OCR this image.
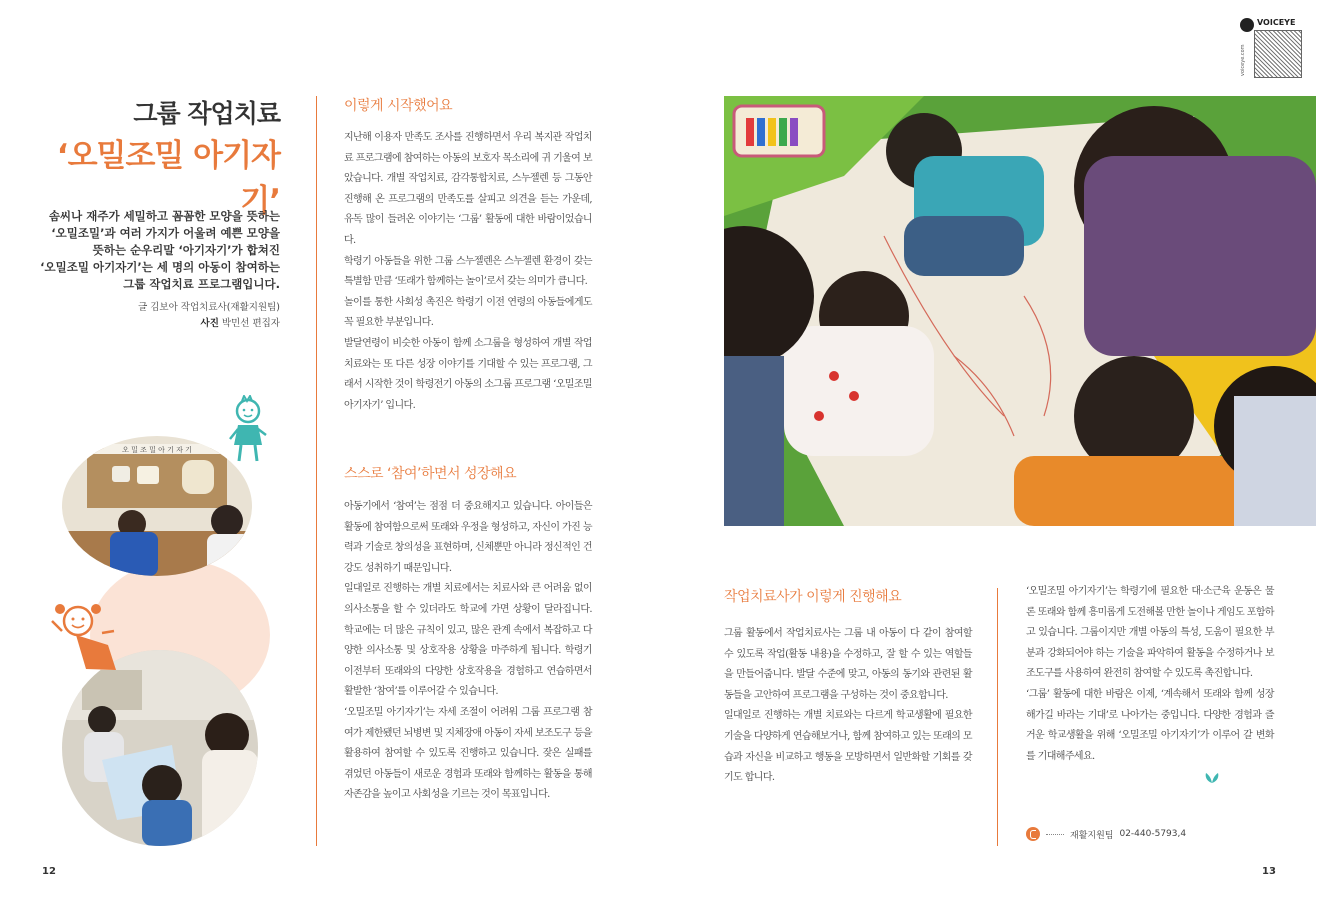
그룹 작업치료
‘오밀조밀 아기자기’
솜씨나 재주가 세밀하고 꼼꼼한 모양을 뜻하는
‘오밀조밀’과 여러 가지가 어울려 예쁜 모양을
뜻하는 순우리말 ‘아기자기’가 합쳐진
‘오밀조밀 아기자기’는 세 명의 아동이 참여하는
그룹 작업치료 프로그램입니다.
글 김보아 작업치료사(재활지원팀)
사진 박민선 편집자
오 밀 조 밀 아 기 자 기
이렇게 시작했어요

지난해 이용자 만족도 조사를 진행하면서 우리 복지관 작업치료 프로그램에 참여하는 아동의 보호자 목소리에 귀 기울여 보았습니다. 개별 작업치료, 감각통합치료, 스누젤렌 등 그동안 진행해 온 프로그램의 만족도를 살피고 의견을 듣는 가운데, 유독 많이 들려온 이야기는 ‘그룹’ 활동에 대한 바람이었습니다.

학령기 아동들을 위한 그룹 스누젤렌은 스누젤렌 환경이 갖는 특별함 만큼 ‘또래가 함께하는 놀이’로서 갖는 의미가 큽니다.

놀이를 통한 사회성 촉진은 학령기 이전 연령의 아동들에게도 꼭 필요한 부분입니다.

발달연령이 비슷한 아동이 함께 소그룹을 형성하여 개별 작업치료와는 또 다른 성장 이야기를 기대할 수 있는 프로그램, 그래서 시작한 것이 학령전기 아동의 소그룹 프로그램 ‘오밀조밀 아기자기’ 입니다.

스스로 ‘참여’하면서 성장해요

아동기에서 ‘참여’는 점점 더 중요해지고 있습니다. 아이들은 활동에 참여함으로써 또래와 우정을 형성하고, 자신이 가진 능력과 기술로 창의성을 표현하며, 신체뿐만 아니라 정신적인 건강도 성취하기 때문입니다.

일대일로 진행하는 개별 치료에서는 치료사와 큰 어려움 없이 의사소통을 할 수 있더라도 학교에 가면 상황이 달라집니다. 학교에는 더 많은 규칙이 있고, 많은 관계 속에서 복잡하고 다양한 의사소통 및 상호작용 상황을 마주하게 됩니다. 학령기 이전부터 또래와의 다양한 상호작용을 경험하고 연습하면서 활발한 ‘참여’를 이루어갈 수 있습니다.

‘오밀조밀 아기자기’는 자세 조절이 어려워 그룹 프로그램 참여가 제한됐던 뇌병변 및 지체장애 아동이 자세 보조도구 등을 활용하여 참여할 수 있도록 진행하고 있습니다. 잦은 실패를 겪었던 아동들이 새로운 경험과 또래와 함께하는 활동을 통해 자존감을 높이고 사회성을 기르는 것이 목표입니다.

12
VOICEYE
voiceye.com
작업치료사가 이렇게 진행해요

그룹 활동에서 작업치료사는 그룹 내 아동이 다 같이 참여할 수 있도록 작업(활동 내용)을 수정하고, 잘 할 수 있는 역할들을 만들어줍니다. 발달 수준에 맞고, 아동의 동기와 관련된 활동들을 고안하여 프로그램을 구성하는 것이 중요합니다.

일대일로 진행하는 개별 치료와는 다르게 학교생활에 필요한 기술을 다양하게 연습해보거나, 함께 참여하고 있는 또래의 모습과 자신을 비교하고 행동을 모방하면서 일반화할 기회를 갖기도 합니다.

‘오밀조밀 아기자기’는 학령기에 필요한 대·소근육 운동은 물론 또래와 함께 흥미롭게 도전해볼 만한 놀이나 게임도 포함하고 있습니다. 그룹이지만 개별 아동의 특성, 도움이 필요한 부분과 강화되어야 하는 기술을 파악하여 활동을 수정하거나 보조도구를 사용하여 완전히 참여할 수 있도록 촉진합니다.

‘그룹’ 활동에 대한 바람은 이제, ‘계속해서 또래와 함께 성장해가길 바라는 기대’로 나아가는 중입니다. 다양한 경험과 즐거운 학교생활을 위해 ‘오밀조밀 아기자기’가 이루어 갈 변화를 기대해주세요.

재활지원팀 02-440-5793,4
13
